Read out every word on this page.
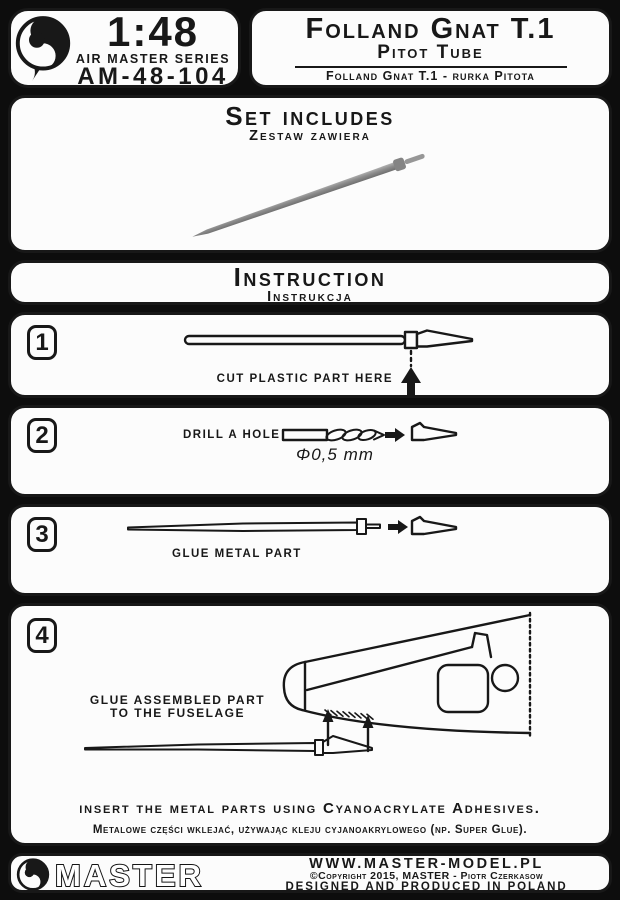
1:48
AIR MASTER SERIES
AM-48-104
Folland Gnat T.1
Pitot Tube
Folland Gnat T.1 - rurka Pitota
Set includes
Zestaw zawiera
Instruction
Instrukcja
1
CUT PLASTIC PART HERE
2	DRILL A HOLE
Φ0,5 mm
3
GLUE METAL PART
4
GLUE ASSEMBLED PART
TO THE FUSELAGE
insert the metal parts using Cyanoacrylate Adhesives.
Metalowe części wklejać, używając kleju cyjanoakrylowego (np. Super Glue).
MASTER	WWW.MASTER-MODEL.PL
©Copyright 2015, MASTER - Piotr Czerkasow
DESIGNED AND PRODUCED IN POLAND
